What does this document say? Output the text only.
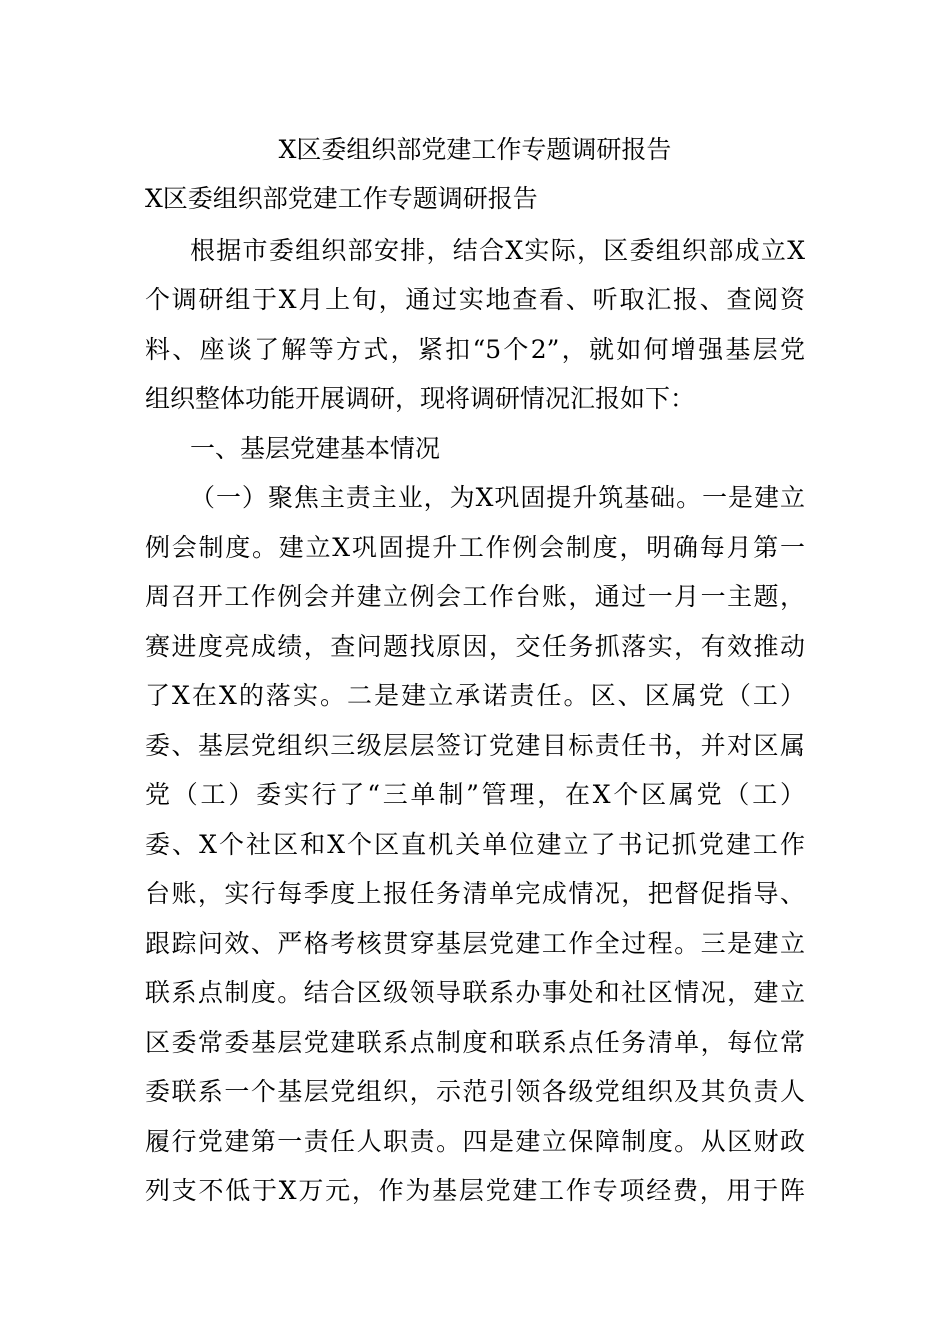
X区委组织部党建工作专题调研报告
X区委组织部党建工作专题调研报告
根据市委组织部安排，结合X实际，区委组织部成立X
个调研组于X月上旬，通过实地查看、听取汇报、查阅资
料、座谈了解等方式，紧扣“5个2”，就如何增强基层党
组织整体功能开展调研，现将调研情况汇报如下：
一、基层党建基本情况
（一）聚焦主责主业，为X巩固提升筑基础。一是建立
例会制度。建立X巩固提升工作例会制度，明确每月第一
周召开工作例会并建立例会工作台账，通过一月一主题，
赛进度亮成绩，查问题找原因，交任务抓落实，有效推动
了X在X的落实。二是建立承诺责任。区、区属党（工）
委、基层党组织三级层层签订党建目标责任书，并对区属
党（工）委实行了“三单制”管理，在X个区属党（工）
委、X个社区和X个区直机关单位建立了书记抓党建工作
台账，实行每季度上报任务清单完成情况，把督促指导、
跟踪问效、严格考核贯穿基层党建工作全过程。三是建立
联系点制度。结合区级领导联系办事处和社区情况，建立
区委常委基层党建联系点制度和联系点任务清单，每位常
委联系一个基层党组织，示范引领各级党组织及其负责人
履行党建第一责任人职责。四是建立保障制度。从区财政
列支不低于X万元，作为基层党建工作专项经费，用于阵
